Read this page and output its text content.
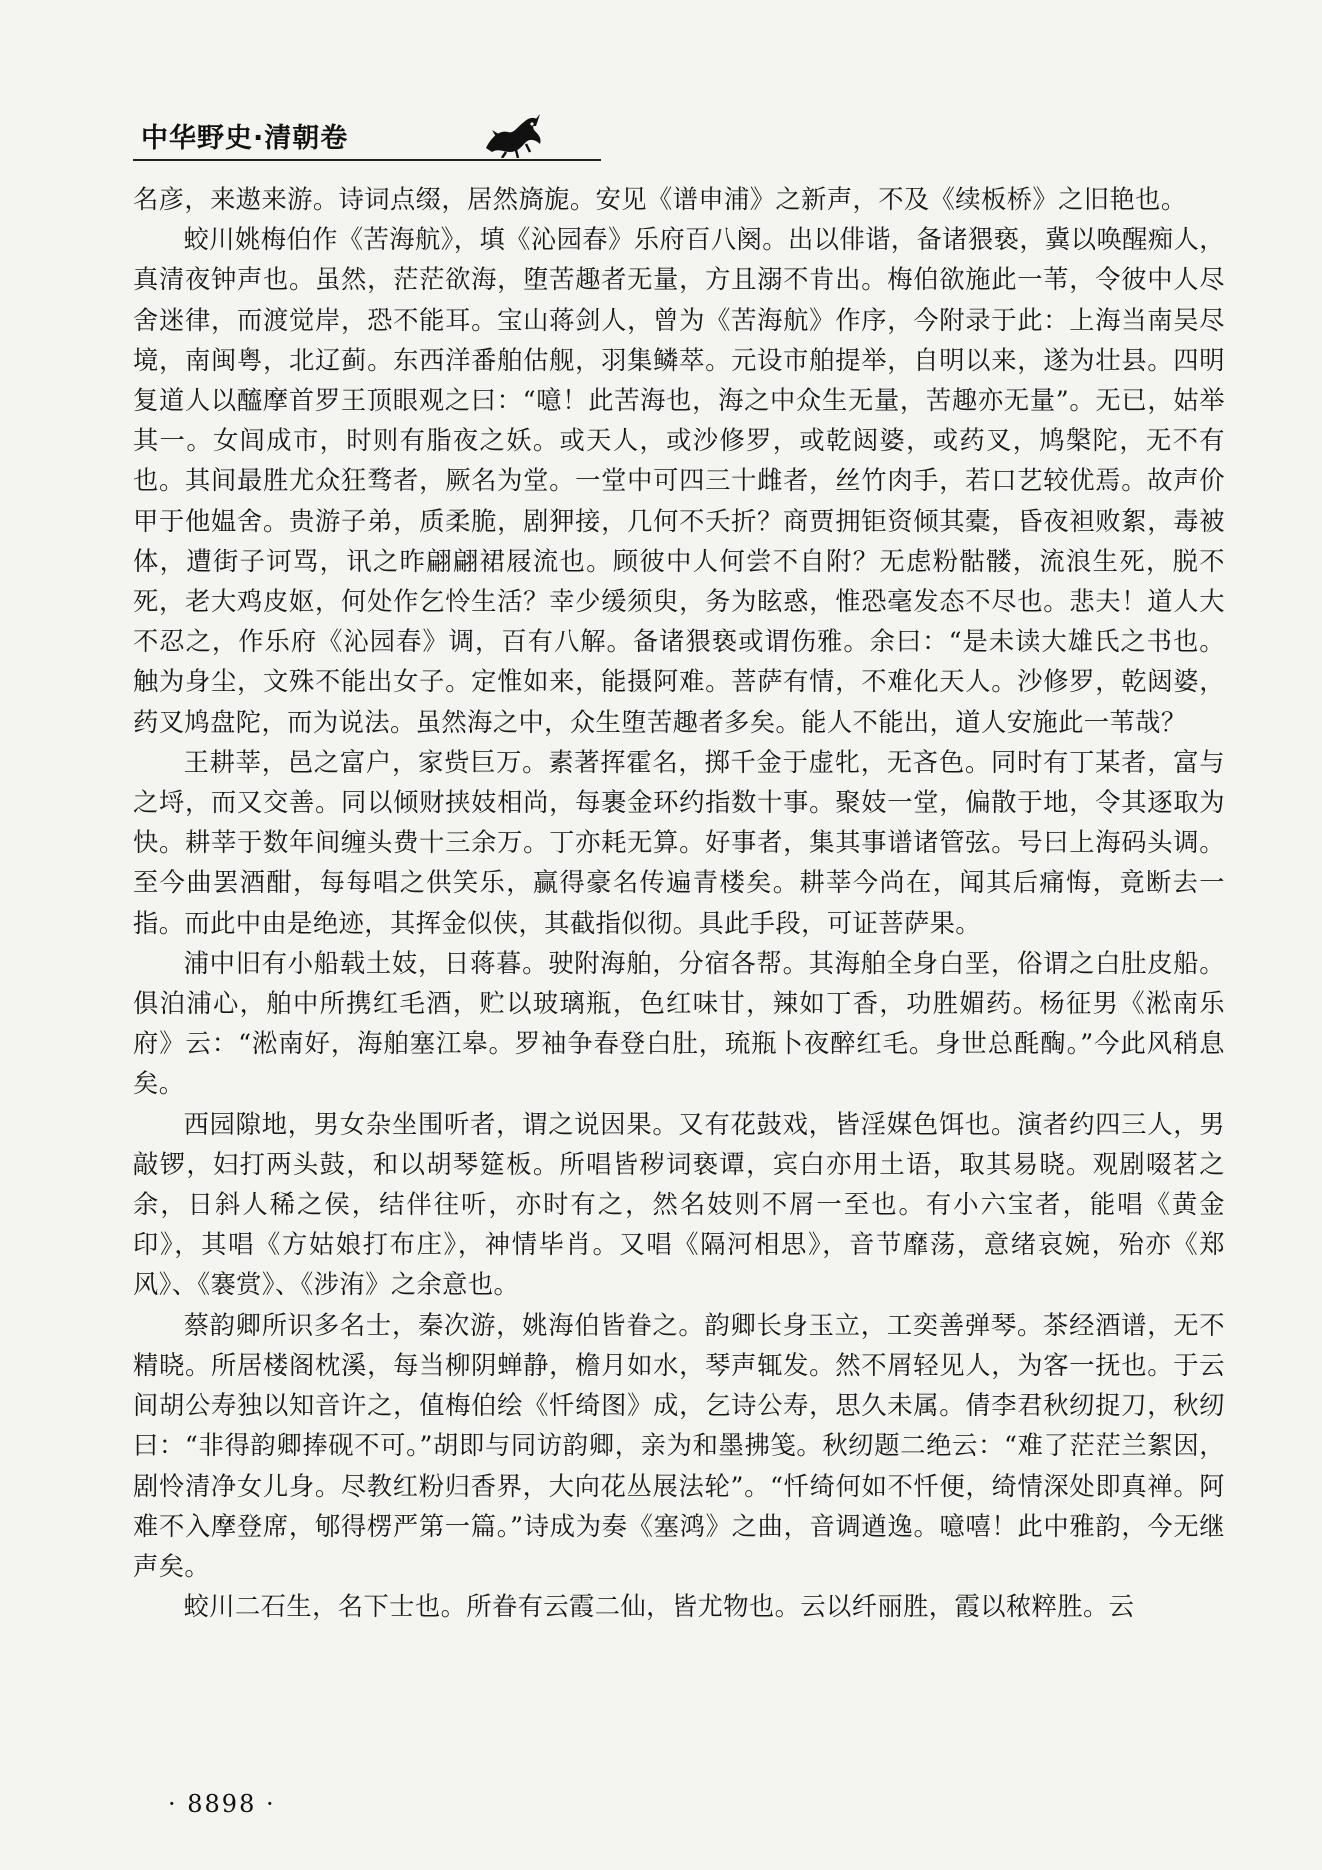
中华野史·清朝卷

名彦，来遨来游。诗词点缀，居然旖旎。安见《谱申浦》之新声，不及《续板桥》之旧艳也。

蛟川姚梅伯作《苦海航》，填《沁园春》乐府百八阕。出以俳谐，备诸猥亵，冀以唤醒痴人，真清夜钟声也。虽然，茫茫欲海，堕苦趣者无量，方且溺不肯出。梅伯欲施此一苇，令彼中人尽舍迷律，而渡觉岸，恐不能耳。宝山蒋剑人，曾为《苦海航》作序，今附录于此：上海当南吴尽境，南闽粤，北辽蓟。东西洋番舶估舰，羽集鳞萃。元设市舶提举，自明以来，遂为壮县。四明复道人以醯摩首罗王顶眼观之曰：“噫！此苦海也，海之中众生无量，苦趣亦无量”。无已，姑举其一。女闾成市，时则有脂夜之妖。或天人，或沙修罗，或乾闼婆，或药叉，鸠槃陀，无不有也。其间最胜尤众狂骛者，厥名为堂。一堂中可四三十雌者，丝竹肉手，若口艺较优焉。故声价甲于他媪舍。贵游子弟，质柔脆，剧狎接，几何不夭折？商贾拥钜资倾其橐，昏夜袒败絮，毒被体，遭街子诃骂，讯之昨翩翩裙屐流也。顾彼中人何尝不自附？无虑粉骷髅，流浪生死，脱不死，老大鸡皮妪，何处作乞怜生活？幸少缓须臾，务为眩惑，惟恐毫发态不尽也。悲夫！道人大不忍之，作乐府《沁园春》调，百有八解。备诸猥亵或谓伤雅。余曰：“是未读大雄氏之书也。触为身尘，文殊不能出女子。定惟如来，能摄阿难。菩萨有情，不难化天人。沙修罗，乾闼婆，药叉鸠盘陀，而为说法。虽然海之中，众生堕苦趣者多矣。能人不能出，道人安施此一苇哉？

王耕莘，邑之富户，家赀巨万。素著挥霍名，掷千金于虚牝，无吝色。同时有丁某者，富与之埒，而又交善。同以倾财挟妓相尚，每裹金环约指数十事。聚妓一堂，偏散于地，令其逐取为快。耕莘于数年间缠头费十三余万。丁亦耗无算。好事者，集其事谱诸管弦。号曰上海码头调。至今曲罢酒酣，每每唱之供笑乐，赢得豪名传遍青楼矣。耕莘今尚在，闻其后痛悔，竟断去一指。而此中由是绝迹，其挥金似侠，其截指似彻。具此手段，可证菩萨果。

浦中旧有小船载土妓，日蒋暮。驶附海舶，分宿各帮。其海舶全身白垩，俗谓之白肚皮船。俱泊浦心，舶中所携红毛酒，贮以玻璃瓶，色红味甘，辣如丁香，功胜媚药。杨征男《淞南乐府》云：“淞南好，海舶塞江皋。罗袖争春登白肚，琉瓶卜夜醉红毛。身世总酕醄。”今此风稍息矣。

西园隙地，男女杂坐围听者，谓之说因果。又有花鼓戏，皆淫媒色饵也。演者约四三人，男敲锣，妇打两头鼓，和以胡琴筵板。所唱皆秽词亵谭，宾白亦用土语，取其易晓。观剧啜茗之余，日斜人稀之侯，结伴往听，亦时有之，然名妓则不屑一至也。有小六宝者，能唱《黄金印》，其唱《方姑娘打布庄》，神情毕肖。又唱《隔河相思》，音节靡荡，意绪哀婉，殆亦《郑风》、《褰赏》、《涉洧》之余意也。

蔡韵卿所识多名士，秦次游，姚海伯皆眷之。韵卿长身玉立，工奕善弹琴。茶经酒谱，无不精晓。所居楼阁枕溪，每当柳阴蝉静，檐月如水，琴声辄发。然不屑轻见人，为客一抚也。于云间胡公寿独以知音许之，值梅伯绘《忏绮图》成，乞诗公寿，思久未属。倩李君秋纫捉刀，秋纫曰：“非得韵卿捧砚不可。”胡即与同访韵卿，亲为和墨拂笺。秋纫题二绝云：“难了茫茫兰絮因，剧怜清净女儿身。尽教红粉归香界，大向花丛展法轮”。“忏绮何如不忏便，绮情深处即真禅。阿难不入摩登席，郇得楞严第一篇。”诗成为奏《塞鸿》之曲，音调遒逸。噫嘻！此中雅韵，今无继声矣。

蛟川二石生，名下士也。所眷有云霞二仙，皆尤物也。云以纤丽胜，霞以秾粹胜。云

· 8898 ·
